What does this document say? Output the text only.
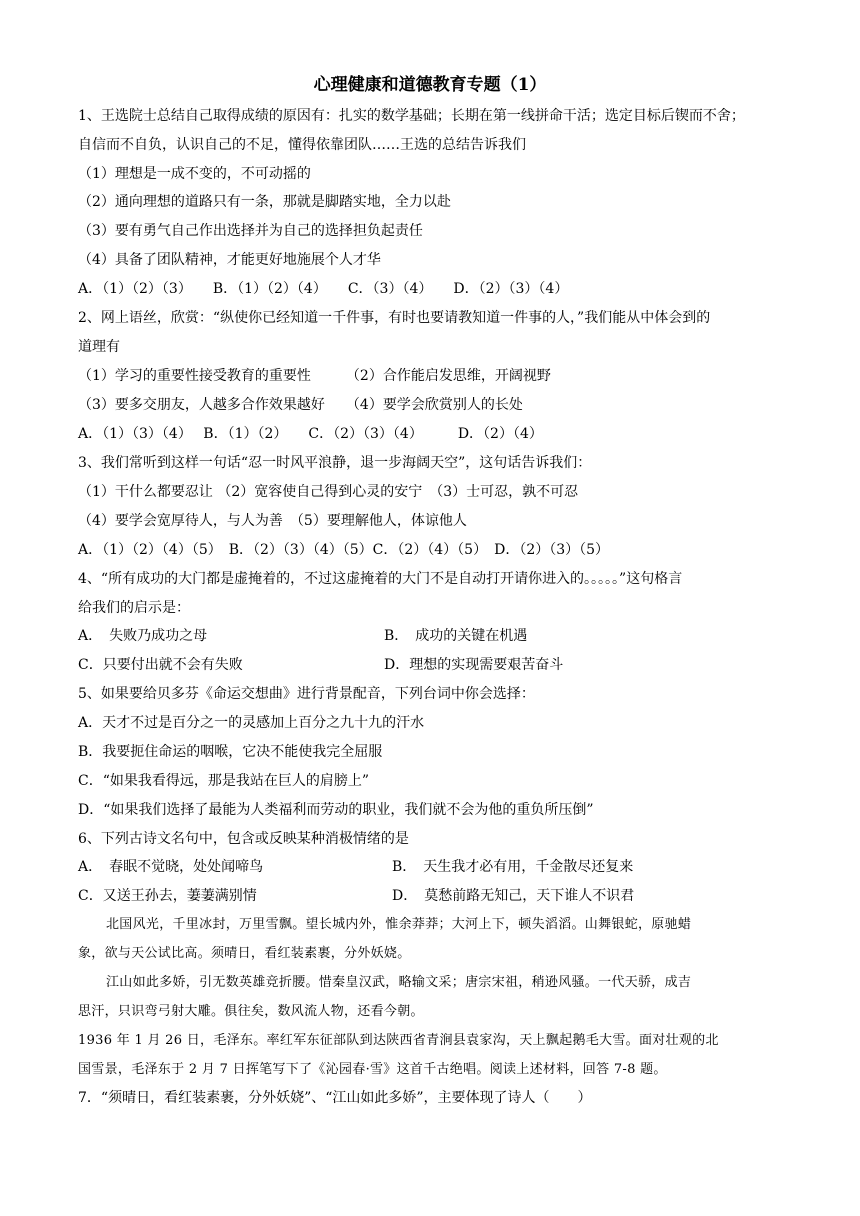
心理健康和道德教育专题（1）
1、王选院士总结自己取得成绩的原因有：扎实的数学基础；长期在第一线拼命干活；选定目标后锲而不舍；
自信而不自负，认识自己的不足，懂得依靠团队……王选的总结告诉我们
（1）理想是一成不变的，不可动摇的
（2）通向理想的道路只有一条，那就是脚踏实地，全力以赴
（3）要有勇气自己作出选择并为自己的选择担负起责任
（4）具备了团队精神，才能更好地施展个人才华
A．（1）（2）（3）　　B．（1）（2）（4）　　C．（3）（4）　　D．（2）（3）（4）
2、网上语丝，欣赏：“纵使你已经知道一千件事，有时也要请教知道一件事的人，”我们能从中体会到的
道理有
（1）学习的重要性接受教育的重要性　　　（2）合作能启发思维，开阔视野
（3）要多交朋友，人越多合作效果越好　　（4）要学会欣赏别人的长处
A．（1）（3）（4）　 B．（1）（2）　　C．（2）（3）（4）　　　D．（2）（4）
3、我们常听到这样一句话“忍一时风平浪静，退一步海阔天空”，这句话告诉我们：
（1）干什么都要忍让 （2）宽容使自己得到心灵的安宁　（3）士可忍，孰不可忍
（4）要学会宽厚待人，与人为善　（5）要理解他人，体谅他人
A．（1）（2）（4）（5）　B．（2）（3）（4）（5）C．（2）（4）（5）　D．（2）（3）（5）
4、“所有成功的大门都是虚掩着的，不过这虚掩着的大门不是自动打开请你进入的。。。。。”这句格言
给我们的启示是：
A．　失败乃成功之母	B．　成功的关键在机遇
C．只要付出就不会有失败	D．理想的实现需要艰苦奋斗
5、如果要给贝多芬《命运交想曲》进行背景配音，下列台词中你会选择：
A．天才不过是百分之一的灵感加上百分之九十九的汗水
B．我要扼住命运的咽喉，它决不能使我完全屈服
C．“如果我看得远，那是我站在巨人的肩膀上”
D．“如果我们选择了最能为人类福利而劳动的职业，我们就不会为他的重负所压倒”
6、下列古诗文名句中，包含或反映某种消极情绪的是
A．　春眠不觉晓，处处闻啼鸟	B．　天生我才必有用，千金散尽还复来
C．又送王孙去，萋萋满别情	D．　莫愁前路无知己，天下谁人不识君
北国风光，千里冰封，万里雪飘。望长城内外，惟余莽莽；大河上下，顿失滔滔。山舞银蛇，原驰蜡
象，欲与天公试比高。须晴日，看红装素裹，分外妖娆。
江山如此多娇，引无数英雄竞折腰。惜秦皇汉武，略输文采；唐宗宋祖，稍逊风骚。一代天骄，成吉
思汗，只识弯弓射大雕。俱往矣，数风流人物，还看今朝。
1936 年 1 月 26 日，毛泽东。率红军东征部队到达陕西省青涧县袁家沟，天上飘起鹅毛大雪。面对壮观的北
国雪景，毛泽东于 2 月 7 日挥笔写下了《沁园春·雪》这首千古绝唱。阅读上述材料，回答 7-8 题。
7．“须晴日，看红装素裹，分外妖娆”、“江山如此多娇”，主要体现了诗人（　　）
